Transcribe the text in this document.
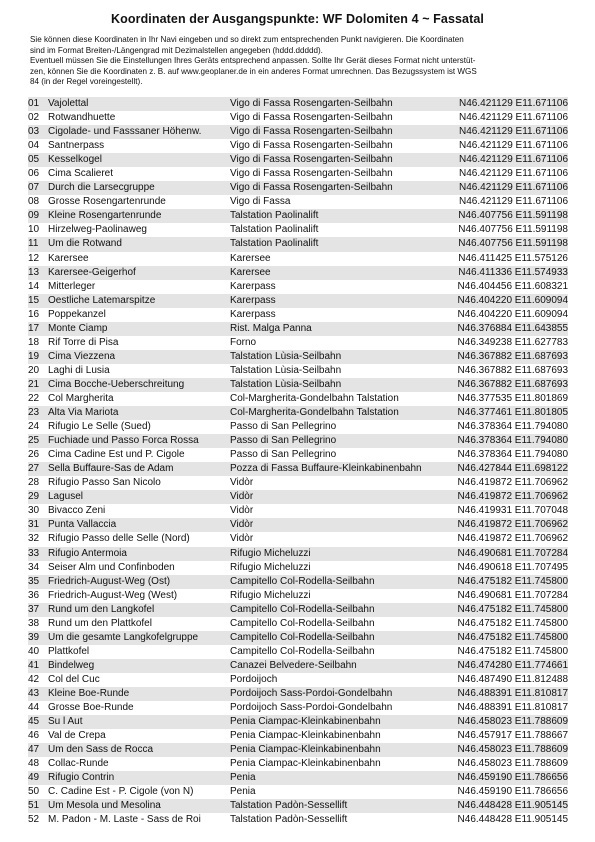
Koordinaten der Ausgangspunkte: WF Dolomiten 4 ~ Fassatal
Sie können diese Koordinaten in Ihr Navi eingeben und so direkt zum entsprechenden Punkt navigieren. Die Koordinaten
sind im Format Breiten-/Längengrad mit Dezimalstellen angegeben (hddd.ddddd).
Eventuell müssen Sie die Einstellungen Ihres Geräts entsprechend anpassen. Sollte Ihr Gerät dieses Format nicht unterstüt-
zen, können Sie die Koordinaten z. B. auf www.geoplaner.de in ein anderes Format umrechnen. Das Bezugssystem ist WGS
84 (in der Regel voreingestellt).
01 Vajolettal	Vigo di Fassa Rosengarten-Seilbahn	N46.421129 E11.671106
02 Rotwandhuette	Vigo di Fassa Rosengarten-Seilbahn	N46.421129 E11.671106
03 Cigolade- und Fasssaner Höhenw.	Vigo di Fassa Rosengarten-Seilbahn	N46.421129 E11.671106
04 Santnerpass	Vigo di Fassa Rosengarten-Seilbahn	N46.421129 E11.671106
05 Kesselkogel	Vigo di Fassa Rosengarten-Seilbahn	N46.421129 E11.671106
06 Cima Scalieret	Vigo di Fassa Rosengarten-Seilbahn	N46.421129 E11.671106
07 Durch die Larsecgruppe	Vigo di Fassa Rosengarten-Seilbahn	N46.421129 E11.671106
08 Grosse Rosengartenrunde	Vigo di Fassa	N46.421129 E11.671106
09 Kleine Rosengartenrunde	Talstation Paolinalift	N46.407756 E11.591198
10 Hirzelweg-Paolinaweg	Talstation Paolinalift	N46.407756 E11.591198
11 Um die Rotwand	Talstation Paolinalift	N46.407756 E11.591198
12 Karersee	Karersee	N46.411425 E11.575126
13 Karersee-Geigerhof	Karersee	N46.411336 E11.574933
14 Mitterleger	Karerpass	N46.404456 E11.608321
15 Oestliche Latemarspitze	Karerpass	N46.404220 E11.609094
16 Poppekanzel	Karerpass	N46.404220 E11.609094
17 Monte Ciamp	Rist. Malga Panna	N46.376884 E11.643855
18 Rif Torre di Pisa	Forno	N46.349238 E11.627783
19 Cima Viezzena	Talstation Lùsia-Seilbahn	N46.367882 E11.687693
20 Laghi di Lusia	Talstation Lùsia-Seilbahn	N46.367882 E11.687693
21 Cima Bocche-Ueberschreitung	Talstation Lùsia-Seilbahn	N46.367882 E11.687693
22 Col Margherita	Col-Margherita-Gondelbahn Talstation	N46.377535 E11.801869
23 Alta Via Mariota	Col-Margherita-Gondelbahn Talstation	N46.377461 E11.801805
24 Rifugio Le Selle (Sued)	Passo di San Pellegrino	N46.378364 E11.794080
25 Fuchiade und Passo Forca Rossa	Passo di San Pellegrino	N46.378364 E11.794080
26 Cima Cadine Est und P. Cigole	Passo di San Pellegrino	N46.378364 E11.794080
27 Sella Buffaure-Sas de Adam	Pozza di Fassa Buffaure-Kleinkabinenbahn	N46.427844 E11.698122
28 Rifugio Passo San Nicolo	Vidòr	N46.419872 E11.706962
29 Lagusel	Vidòr	N46.419872 E11.706962
30 Bivacco Zeni	Vidòr	N46.419931 E11.707048
31 Punta Vallaccia	Vidòr	N46.419872 E11.706962
32 Rifugio Passo delle Selle (Nord)	Vidòr	N46.419872 E11.706962
33 Rifugio Antermoia	Rifugio Micheluzzi	N46.490681 E11.707284
34 Seiser Alm und Confinboden	Rifugio Micheluzzi	N46.490618 E11.707495
35 Friedrich-August-Weg (Ost)	Campitello Col-Rodella-Seilbahn	N46.475182 E11.745800
36 Friedrich-August-Weg (West)	Rifugio Micheluzzi	N46.490681 E11.707284
37 Rund um den Langkofel	Campitello Col-Rodella-Seilbahn	N46.475182 E11.745800
38 Rund um den Plattkofel	Campitello Col-Rodella-Seilbahn	N46.475182 E11.745800
39 Um die gesamte Langkofelgruppe	Campitello Col-Rodella-Seilbahn	N46.475182 E11.745800
40 Plattkofel	Campitello Col-Rodella-Seilbahn	N46.475182 E11.745800
41 Bindelweg	Canazei Belvedere-Seilbahn	N46.474280 E11.774661
42 Col del Cuc	Pordoijoch	N46.487490 E11.812488
43 Kleine Boe-Runde	Pordoijoch Sass-Pordoi-Gondelbahn	N46.488391 E11.810817
44 Grosse Boe-Runde	Pordoijoch Sass-Pordoi-Gondelbahn	N46.488391 E11.810817
45 Su l Aut	Penia Ciampac-Kleinkabinenbahn	N46.458023 E11.788609
46 Val de Crepa	Penia Ciampac-Kleinkabinenbahn	N46.457917 E11.788667
47 Um den Sass de Rocca	Penia Ciampac-Kleinkabinenbahn	N46.458023 E11.788609
48 Collac-Runde	Penia Ciampac-Kleinkabinenbahn	N46.458023 E11.788609
49 Rifugio Contrin	Penia	N46.459190 E11.786656
50 C. Cadine Est - P. Cigole (von N)	Penia	N46.459190 E11.786656
51 Um Mesola und Mesolina	Talstation Padòn-Sessellift	N46.448428 E11.905145
52 M. Padon - M. Laste - Sass de Roi	Talstation Padòn-Sessellift	N46.448428 E11.905145
